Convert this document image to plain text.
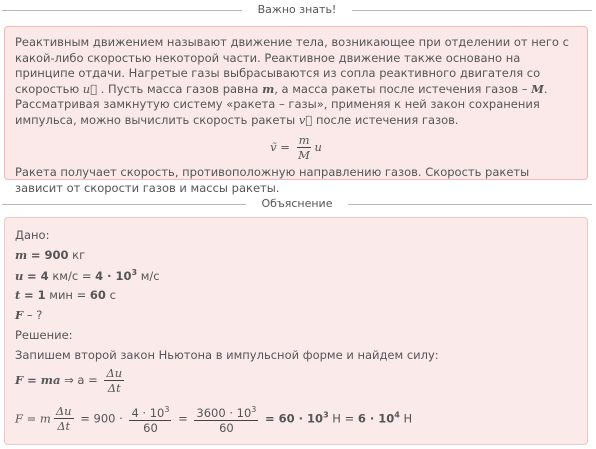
Важно знать!

Реактивным движением называют движение тела, возникающее при отделении от него с какой-либо скоростью некоторой части. Реактивное движение также основано на принципе отдачи. Нагретые газы выбрасываются из сопла реактивного двигателя со скоростью u⃗ . Пусть масса газов равна m, а масса ракеты после истечения газов – M. Рассматривая замкнутую систему «ракета – газы», применяя к ней закон сохранения импульса, можно вычислить скорость ракеты v⃗ после истечения газов.

ṽ = $\frac{m}{M}$ u

Ракета получает скорость, противоположную направлению газов. Скорость ракеты зависит от скорости газов и массы ракеты.

Объяснение
Дано:
m = 900 кг
u = 4 $км/с = 4 \cdot 10^3$ м/с
t = 1 мин = 60 с
F – ?
Решение:
Запишем второй закон Ньютона в импульсной форме и найдем силу:
F = ma ⇒ $a = \frac{\Delta u}{\Delta t}$
F = m $\frac{\Delta u}{\Delta t} = 900 \cdot \frac{4 \cdot 10^3}{60} = \frac{3600 \cdot 10^3}{60} = 60 \cdot 10^3$ $Н = 6 \cdot 10^4$ Н
